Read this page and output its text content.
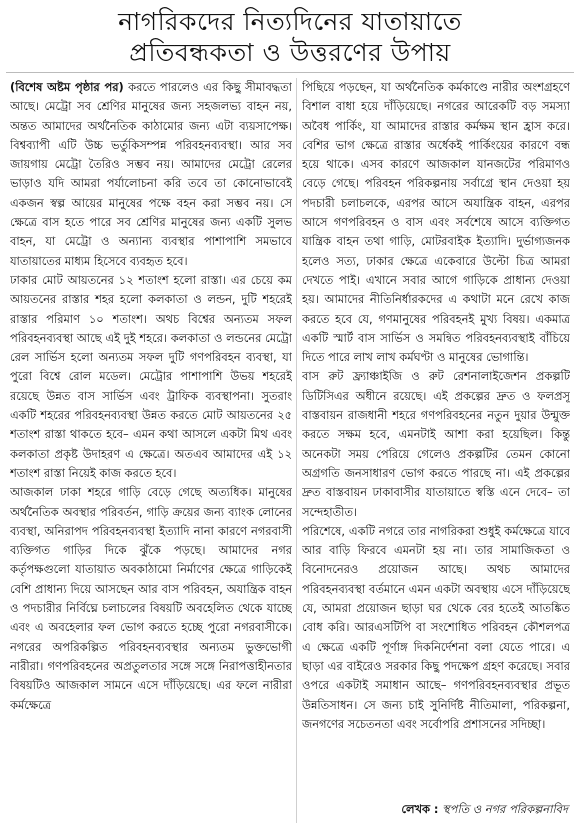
নাগরিকদের নিত্যদিনের যাতায়াতে
প্রতিবন্ধকতা ও উত্তরণের উপায়

(বিশেষ অষ্টম পৃষ্ঠার পর) করতে পারলেও এর কিছু সীমাবদ্ধতা আছে। মেট্রো সব শ্রেণির মানুষের জন্য সহজলভ্য বাহন নয়, অন্তত আমাদের অর্থনৈতিক কাঠামোর জন্য এটা ব্যয়সাপেক্ষ। বিশ্বব্যাপী এটি উচ্চ ভর্তুকিসম্পন্ন পরিবহনব্যবস্থা। আর সব জায়গায় মেট্রো তৈরিও সম্ভব নয়। আমাদের মেট্রো রেলের ভাড়াও যদি আমরা পর্যালোচনা করি তবে তা কোনোভাবেই একজন স্বল্প আয়ের মানুষের পক্ষে বহন করা সম্ভব নয়। সে ক্ষেত্রে বাস হতে পারে সব শ্রেণির মানুষের জন্য একটি সুলভ বাহন, যা মেট্রো ও অন্যান্য ব্যবস্থার পাশাপাশি সমভাবে যাতায়াতের মাধ্যম হিসেবে ব্যবহৃত হবে।

ঢাকার মোট আয়তনের ১২ শতাংশ হলো রাস্তা। এর চেয়ে কম আয়তনের রাস্তার শহর হলো কলকাতা ও লন্ডন, দুটি শহরেই রাস্তার পরিমাণ ১০ শতাংশ। অথচ বিশ্বের অন্যতম সফল পরিবহনব্যবস্থা আছে এই দুই শহরে। কলকাতা ও লন্ডনের মেট্রো রেল সার্ভিস হলো অন্যতম সফল দুটি গণপরিবহন ব্যবস্থা, যা পুরো বিশ্বে রোল মডেল। মেট্রোর পাশাপাশি উভয় শহরেই রয়েছে উন্নত বাস সার্ভিস এবং ট্রাফিক ব্যবস্থাপনা। সুতরাং একটি শহরের পরিবহনব্যবস্থা উন্নত করতে মোট আয়তনের ২৫ শতাংশ রাস্তা থাকতে হবে– এমন কথা আসলে একটা মিথ এবং কলকাতা প্রকৃষ্ট উদাহরণ এ ক্ষেত্রে। অতএব আমাদের এই ১২ শতাংশ রাস্তা নিয়েই কাজ করতে হবে।

আজকাল ঢাকা শহরে গাড়ি বেড়ে গেছে অত্যধিক। মানুষের অর্থনৈতিক অবস্থার পরিবর্তন, গাড়ি ক্রয়ের জন্য ব্যাংক লোনের ব্যবস্থা, অনিরাপদ পরিবহনব্যবস্থা ইত্যাদি নানা কারণে নগরবাসী ব্যক্তিগত গাড়ির দিকে ঝুঁকে পড়ছে। আমাদের নগর কর্তৃপক্ষগুলো যাতায়াত অবকাঠামো নির্মাণের ক্ষেত্রে গাড়িকেই বেশি প্রাধান্য দিয়ে আসছেন আর বাস পরিবহন, অযান্ত্রিক বাহন ও পদচারীর নির্বিঘ্নে চলাচলের বিষয়টি অবহেলিত থেকে যাচ্ছে এবং এ অবহেলার ফল ভোগ করতে হচ্ছে পুরো নগরবাসীকে। নগরের অপরিকল্পিত পরিবহনব্যবস্থার অন্যতম ভুক্তভোগী নারীরা। গণপরিবহনের অপ্রতুলতার সঙ্গে সঙ্গে নিরাপত্তাহীনতার বিষয়টিও আজকাল সামনে এসে দাঁড়িয়েছে। এর ফলে নারীরা কর্মক্ষেত্রে

পিছিয়ে পড়ছেন, যা অর্থনৈতিক কর্মকাণ্ডে নারীর অংশগ্রহণে বিশাল বাধা হয়ে দাঁড়িয়েছে। নগরের আরেকটি বড় সমস্যা অবৈধ পার্কিং, যা আমাদের রাস্তার কর্মক্ষম স্থান হ্রাস করে। বেশির ভাগ ক্ষেত্রে রাস্তার অর্ধেকই পার্কিংয়ের কারণে বন্ধ হয়ে থাকে। এসব কারণে আজকাল যানজটের পরিমাণও বেড়ে গেছে। পরিবহন পরিকল্পনায় সর্বাগ্রে স্থান দেওয়া হয় পদচারী চলাচলকে, এরপর আসে অযান্ত্রিক বাহন, এরপর আসে গণপরিবহন ও বাস এবং সর্বশেষে আসে ব্যক্তিগত যান্ত্রিক বাহন তথা গাড়ি, মোটরবাইক ইত্যাদি। দুর্ভাগ্যজনক হলেও সত্য, ঢাকার ক্ষেত্রে একেবারে উল্টো চিত্র আমরা দেখতে পাই। এখানে সবার আগে গাড়িকে প্রাধান্য দেওয়া হয়। আমাদের নীতিনির্ধারকদের এ কথাটা মনে রেখে কাজ করতে হবে যে, গণমানুষের পরিবহনই মুখ্য বিষয়। একমাত্র একটি স্মার্ট বাস সার্ভিস ও সমন্বিত পরিবহনব্যবস্থাই বাঁচিয়ে দিতে পারে লাখ লাখ কর্মঘণ্টা ও মানুষের ভোগান্তি।

বাস রুট ফ্র্যাঞ্চাইজি ও রুট রেশনালাইজেশন প্রকল্পটি ডিটিসিএর অধীনে রয়েছে। এই প্রকল্পের দ্রুত ও ফলপ্রসূ বাস্তবায়ন রাজধানী শহরে গণপরিবহনের নতুন দুয়ার উন্মুক্ত করতে সক্ষম হবে, এমনটাই আশা করা হয়েছিল। কিন্তু অনেকটা সময় পেরিয়ে গেলেও প্রকল্পটির তেমন কোনো অগ্রগতি জনসাধারণ ভোগ করতে পারছে না। এই প্রকল্পের দ্রুত বাস্তবায়ন ঢাকাবাসীর যাতায়াতে স্বস্তি এনে দেবে– তা সন্দেহাতীত।

পরিশেষে, একটি নগরে তার নাগরিকরা শুধুই কর্মক্ষেত্রে যাবে আর বাড়ি ফিরবে এমনটা হয় না। তার সামাজিকতা ও বিনোদনেরও প্রয়োজন আছে। অথচ আমাদের পরিবহনব্যবস্থা বর্তমানে এমন একটা অবস্থায় এসে দাঁড়িয়েছে যে, আমরা প্রয়োজন ছাড়া ঘর থেকে বের হতেই আতঙ্কিত বোধ করি। আরএসটিপি বা সংশোধিত পরিবহন কৌশলপত্র এ ক্ষেত্রে একটি পূর্ণাঙ্গ দিকনির্দেশনা বলা যেতে পারে। এ ছাড়া এর বাইরেও সরকার কিছু পদক্ষেপ গ্রহণ করেছে। সবার ওপরে একটাই সমাধান আছে– গণপরিবহনব্যবস্থার প্রভূত উন্নতিসাধন। সে জন্য চাই সুনির্দিষ্ট নীতিমালা, পরিকল্পনা, জনগণের সচেতনতা এবং সর্বোপরি প্রশাসনের সদিচ্ছা।

লেখক : স্থপতি ও নগর পরিকল্পনাবিদ
